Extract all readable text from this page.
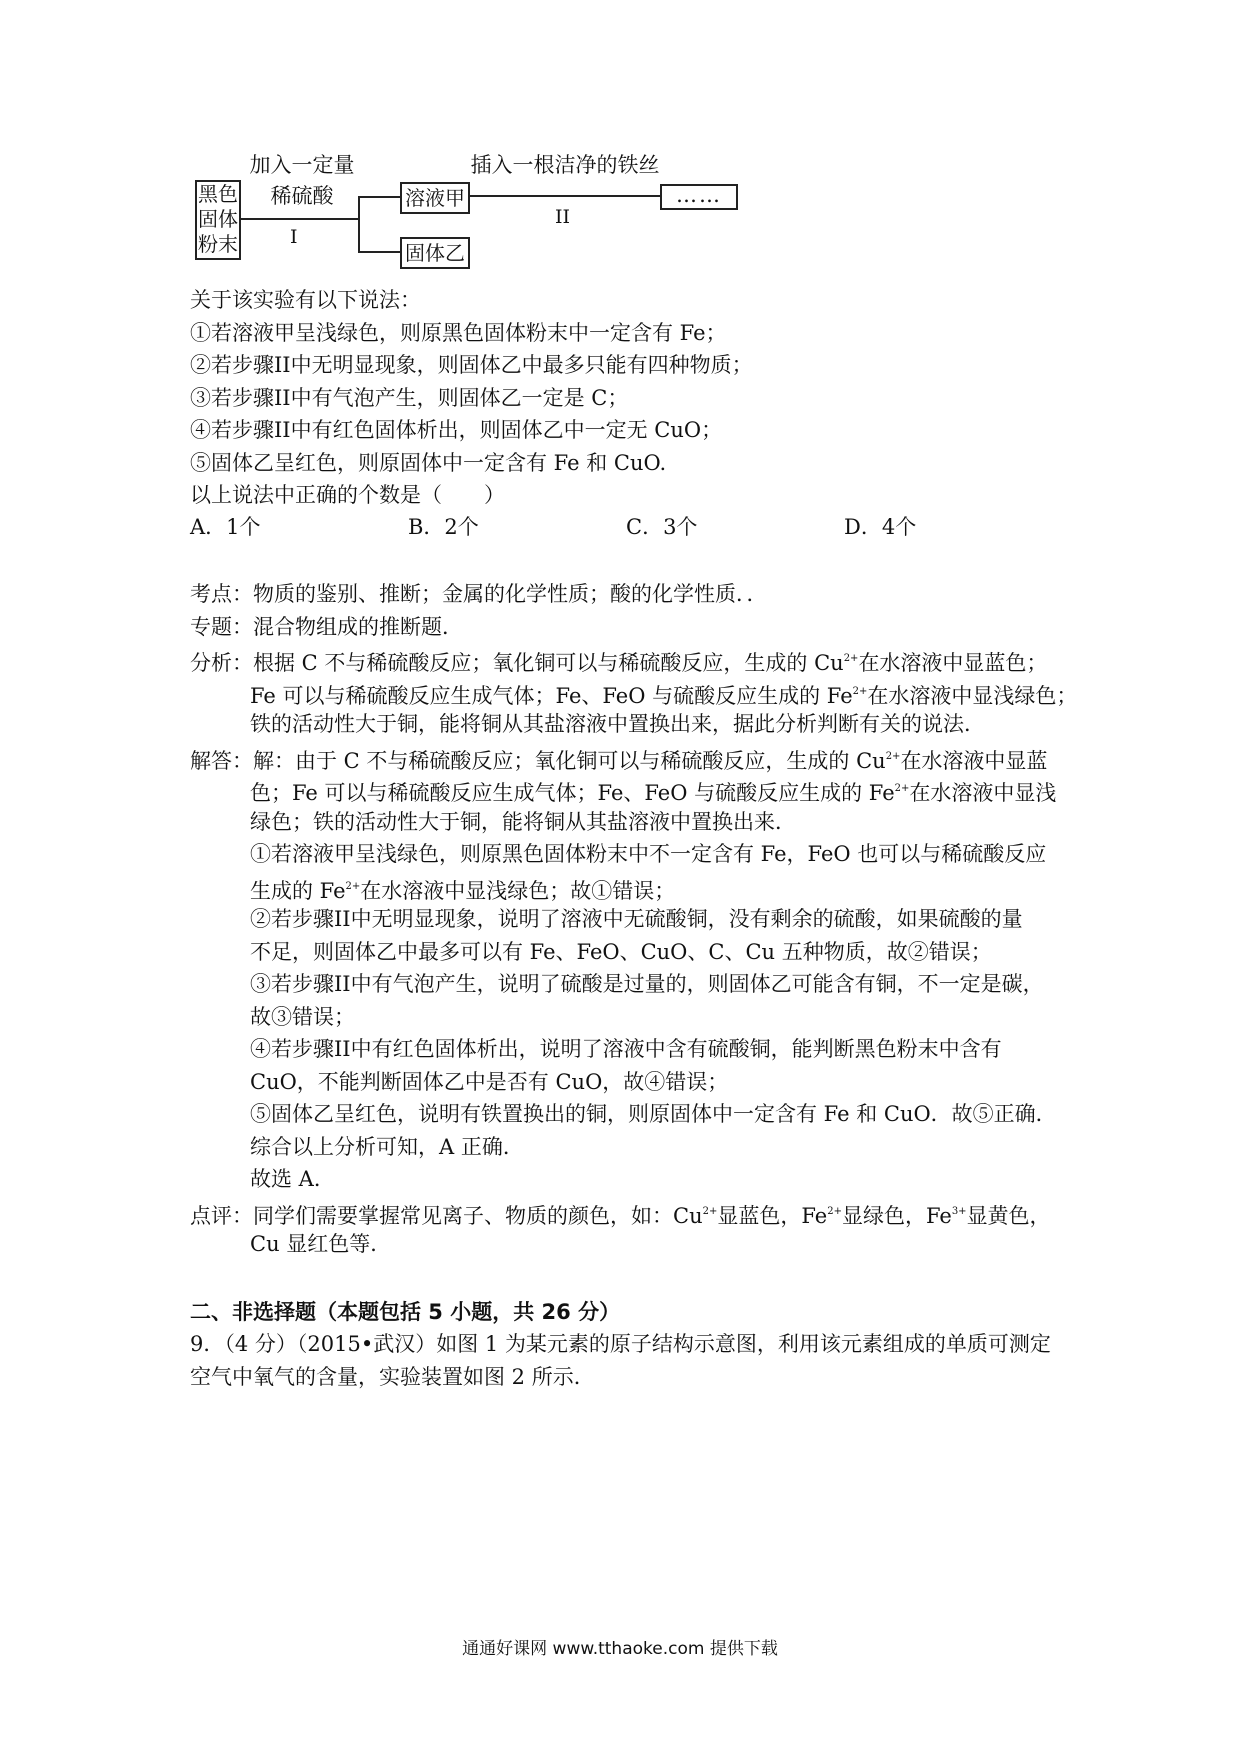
黑色
固体
粉末
加入一定量
稀硫酸
I
溶液甲
固体乙
插入一根洁净的铁丝
II
……
关于该实验有以下说法：
①若溶液甲呈浅绿色，则原黑色固体粉末中一定含有 Fe；
②若步骤II中无明显现象，则固体乙中最多只能有四种物质；
③若步骤II中有气泡产生，则固体乙一定是 C；
④若步骤II中有红色固体析出，则固体乙中一定无 CuO；
⑤固体乙呈红色，则原固体中一定含有 Fe 和 CuO.
以上说法中正确的个数是（　　）
A．1个	B．2个	C．3个	D．4个
考点：物质的鉴别、推断；金属的化学性质；酸的化学性质．．
专题：混合物组成的推断题．
分析：根据 C 不与稀硫酸反应；氧化铜可以与稀硫酸反应，生成的 $Cu^{2+}$在水溶液中显蓝色；
Fe 可以与稀硫酸反应生成气体；Fe、FeO 与硫酸反应生成的 $Fe^{2+}$在水溶液中显浅绿色；
铁的活动性大于铜，能将铜从其盐溶液中置换出来，据此分析判断有关的说法．
解答：解：由于 C 不与稀硫酸反应；氧化铜可以与稀硫酸反应，生成的 $Cu^{2+}$在水溶液中显蓝
色；Fe 可以与稀硫酸反应生成气体；Fe、FeO 与硫酸反应生成的 $Fe^{2+}$在水溶液中显浅
绿色；铁的活动性大于铜，能将铜从其盐溶液中置换出来．
①若溶液甲呈浅绿色，则原黑色固体粉末中不一定含有 Fe，FeO 也可以与稀硫酸反应
生成的 $Fe^{2+}$在水溶液中显浅绿色；故①错误；
②若步骤II中无明显现象，说明了溶液中无硫酸铜，没有剩余的硫酸，如果硫酸的量
不足，则固体乙中最多可以有 Fe、FeO、CuO、C、Cu 五种物质，故②错误；
③若步骤II中有气泡产生，说明了硫酸是过量的，则固体乙可能含有铜，不一定是碳，
故③错误；
④若步骤II中有红色固体析出，说明了溶液中含有硫酸铜，能判断黑色粉末中含有
CuO，不能判断固体乙中是否有 CuO，故④错误；
⑤固体乙呈红色，说明有铁置换出的铜，则原固体中一定含有 Fe 和 CuO．故⑤正确．
综合以上分析可知，A 正确．
故选 A．
点评：同学们需要掌握常见离子、物质的颜色，如：$Cu^{2+}$显蓝色，$Fe^{2+}$显绿色，$Fe^{3+}$显黄色，
Cu 显红色等．
二、非选择题（本题包括 5 小题，共 26 分）
9．（4 分）（2015•武汉）如图 1 为某元素的原子结构示意图，利用该元素组成的单质可测定
空气中氧气的含量，实验装置如图 2 所示．
通通好课网 www.tthaoke.com 提供下载
